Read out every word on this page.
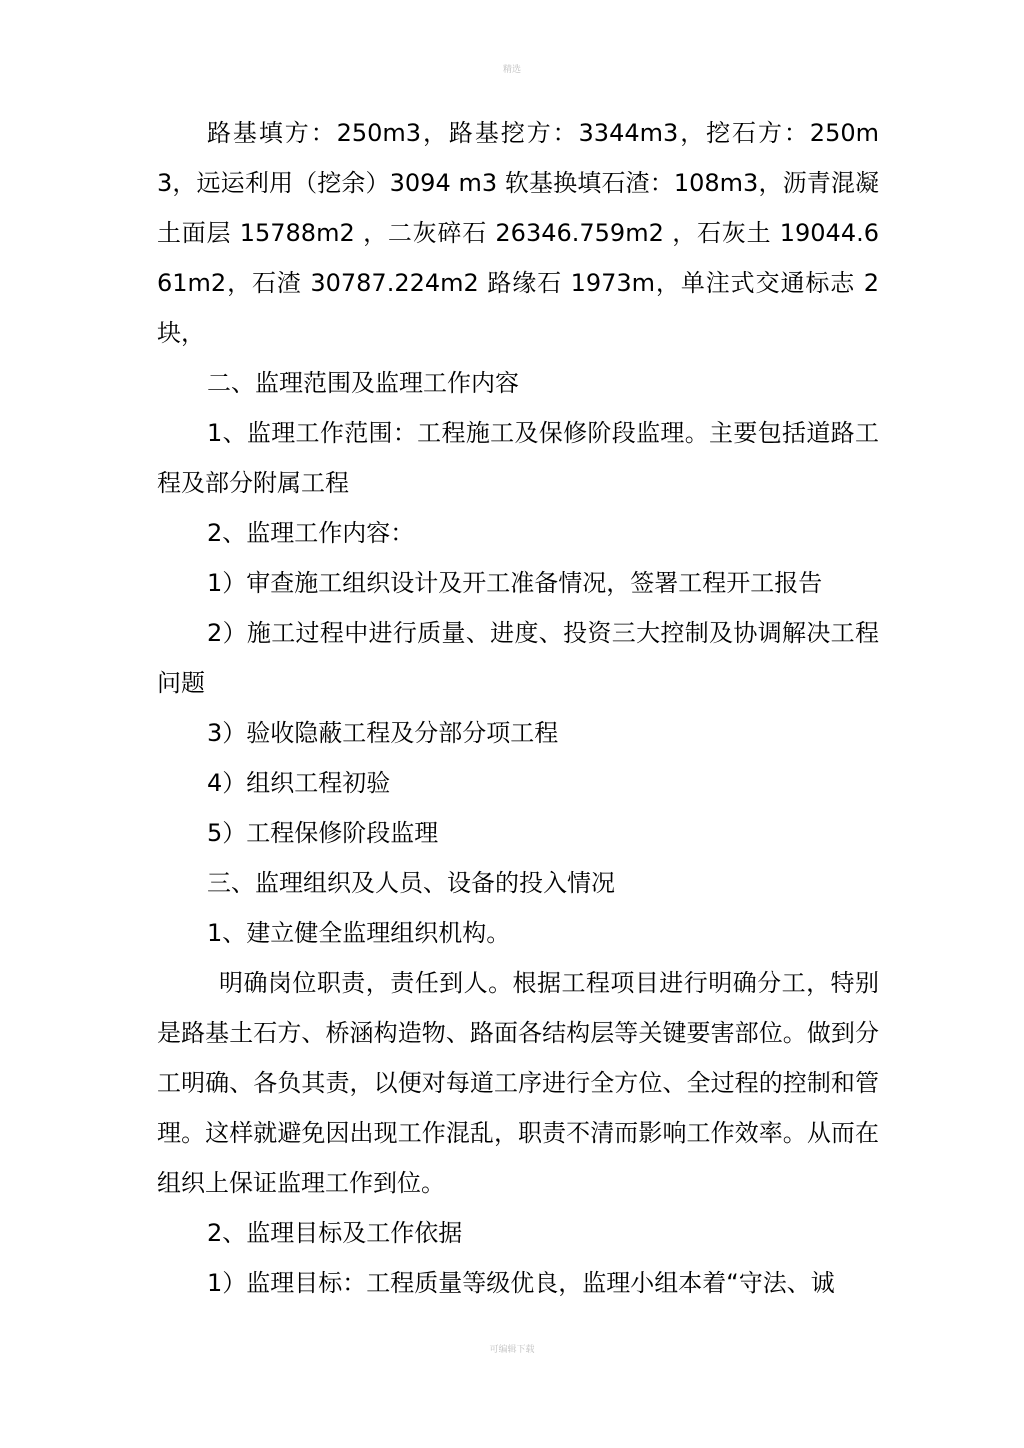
精选

路基填方：250m3，路基挖方：3344m3，挖石方：250m3，远运利用（挖余）3094 m3 软基换填石渣：108m3，沥青混凝土面层 15788m2 ，二灰碎石 26346.759m2 ，石灰土 19044.661m2，石渣 30787.224m2 路缘石 1973m，单注式交通标志 2 块，

二、监理范围及监理工作内容

1、监理工作范围：工程施工及保修阶段监理。主要包括道路工程及部分附属工程

2、监理工作内容：

1）审查施工组织设计及开工准备情况，签署工程开工报告

2）施工过程中进行质量、进度、投资三大控制及协调解决工程问题

3）验收隐蔽工程及分部分项工程

4）组织工程初验

5）工程保修阶段监理

三、监理组织及人员、设备的投入情况

1、建立健全监理组织机构。

明确岗位职责，责任到人。根据工程项目进行明确分工，特别是路基土石方、桥涵构造物、路面各结构层等关键要害部位。做到分工明确、各负其责，以便对每道工序进行全方位、全过程的控制和管理。这样就避免因出现工作混乱，职责不清而影响工作效率。从而在组织上保证监理工作到位。

2、监理目标及工作依据

1）监理目标：工程质量等级优良，监理小组本着“守法、诚

可编辑下载
